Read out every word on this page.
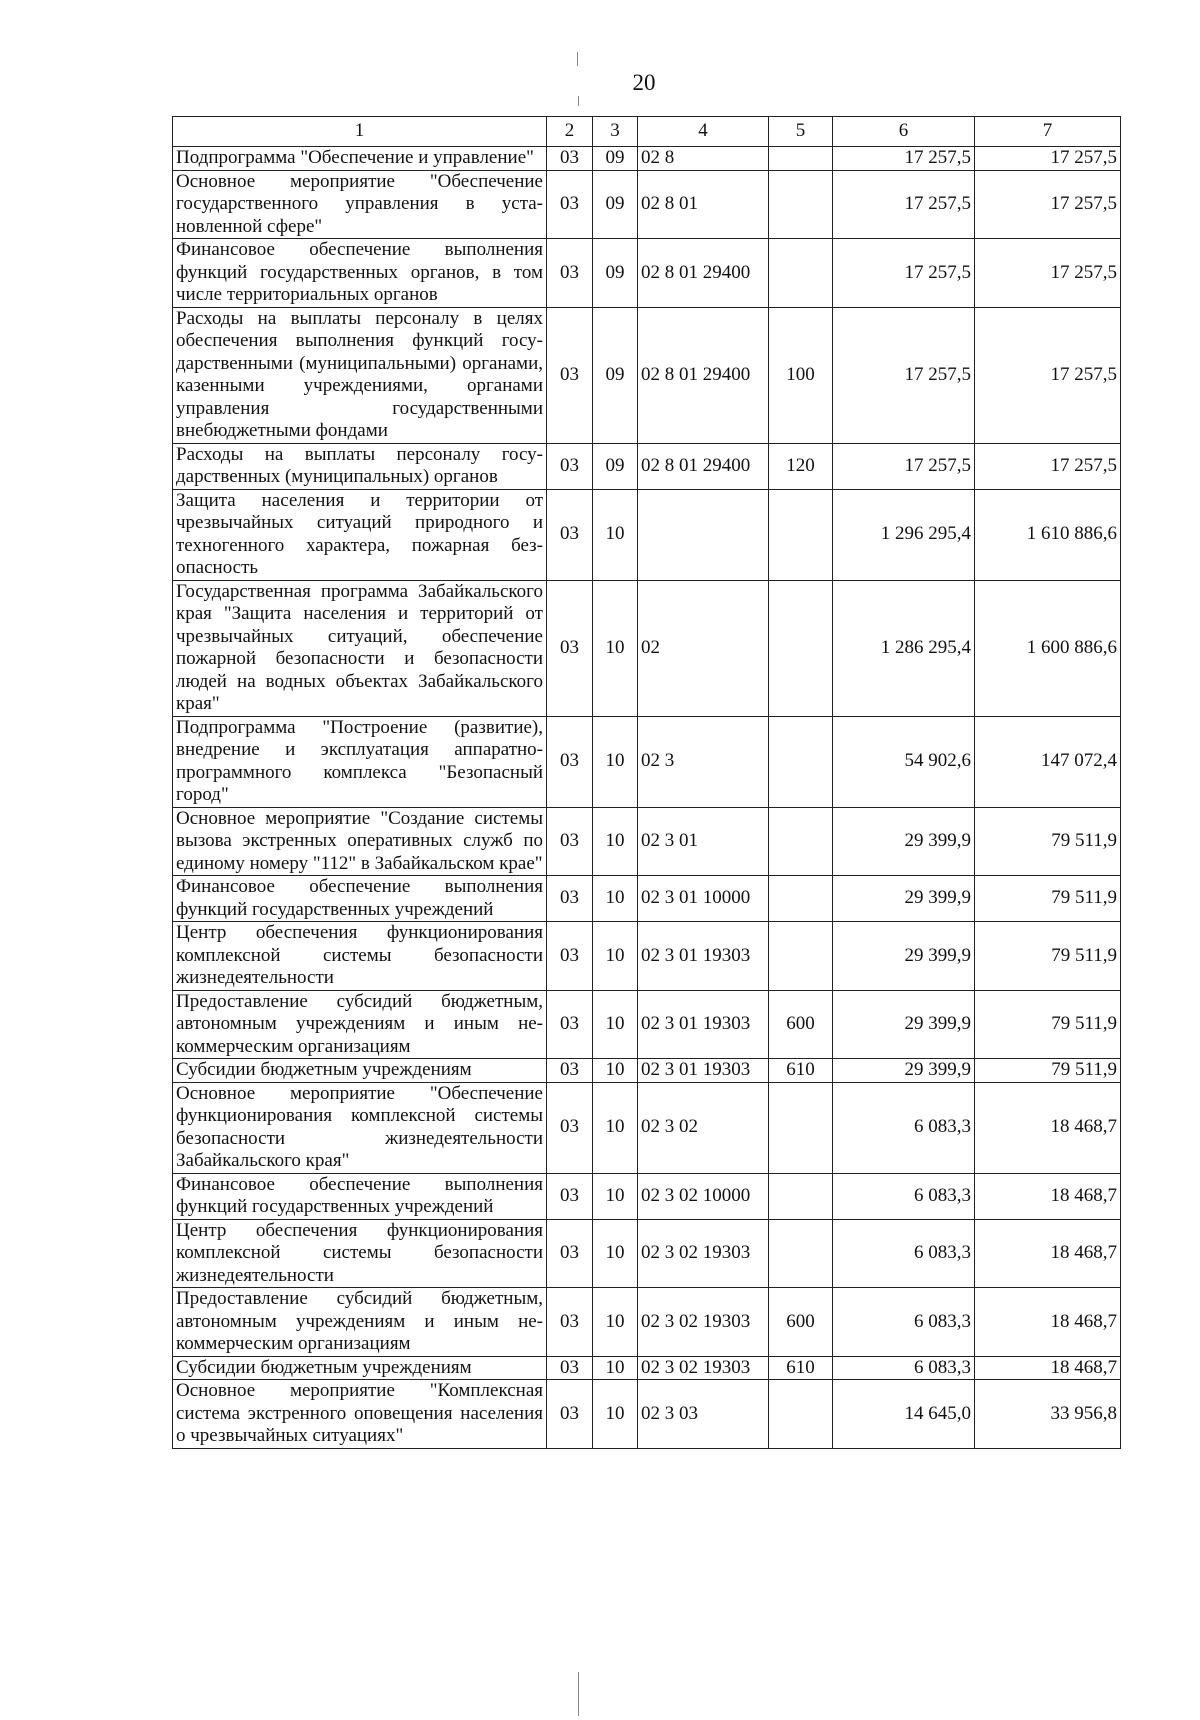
20
1	2	3	4	5	6	7
Подпрограмма "Обеспечение и управление"	03	09	02 8		17 257,5	17 257,5
Основное мероприятие "Обеспечение государственного управления в установленной сфере"	03	09	02 8 01		17 257,5	17 257,5
Финансовое обеспечение выполнения функций государственных органов, в том числе территориальных органов	03	09	02 8 01 29400		17 257,5	17 257,5
Расходы на выплаты персоналу в целях обеспечения выполнения функций государственными (муниципальными) органами, казенными учреждениями, органами управления государственными внебюджетными фондами	03	09	02 8 01 29400	100	17 257,5	17 257,5
Расходы на выплаты персоналу государственных (муниципальных) органов	03	09	02 8 01 29400	120	17 257,5	17 257,5
Защита населения и территории от чрезвычайных ситуаций природного и техногенного характера, пожарная безопасность	03	10			1 296 295,4	1 610 886,6
Государственная программа Забайкальского края "Защита населения и территорий от чрезвычайных ситуаций, обеспечение пожарной безопасности и безопасности людей на водных объектах Забайкальского края"	03	10	02		1 286 295,4	1 600 886,6
Подпрограмма "Построение (развитие), внедрение и эксплуатация аппаратно-программного комплекса "Безопасный город"	03	10	02 3		54 902,6	147 072,4
Основное мероприятие "Создание системы вызова экстренных оперативных служб по единому номеру "112" в Забайкальском крае"	03	10	02 3 01		29 399,9	79 511,9
Финансовое обеспечение выполнения функций государственных учреждений	03	10	02 3 01 10000		29 399,9	79 511,9
Центр обеспечения функционирования комплексной системы безопасности жизнедеятельности	03	10	02 3 01 19303		29 399,9	79 511,9
Предоставление субсидий бюджетным, автономным учреждениям и иным некоммерческим организациям	03	10	02 3 01 19303	600	29 399,9	79 511,9
Субсидии бюджетным учреждениям	03	10	02 3 01 19303	610	29 399,9	79 511,9
Основное мероприятие "Обеспечение функционирования комплексной системы безопасности жизнедеятельности Забайкальского края"	03	10	02 3 02		6 083,3	18 468,7
Финансовое обеспечение выполнения функций государственных учреждений	03	10	02 3 02 10000		6 083,3	18 468,7
Центр обеспечения функционирования комплексной системы безопасности жизнедеятельности	03	10	02 3 02 19303		6 083,3	18 468,7
Предоставление субсидий бюджетным, автономным учреждениям и иным некоммерческим организациям	03	10	02 3 02 19303	600	6 083,3	18 468,7
Субсидии бюджетным учреждениям	03	10	02 3 02 19303	610	6 083,3	18 468,7
Основное мероприятие "Комплексная система экстренного оповещения населения о чрезвычайных ситуациях"	03	10	02 3 03		14 645,0	33 956,8
